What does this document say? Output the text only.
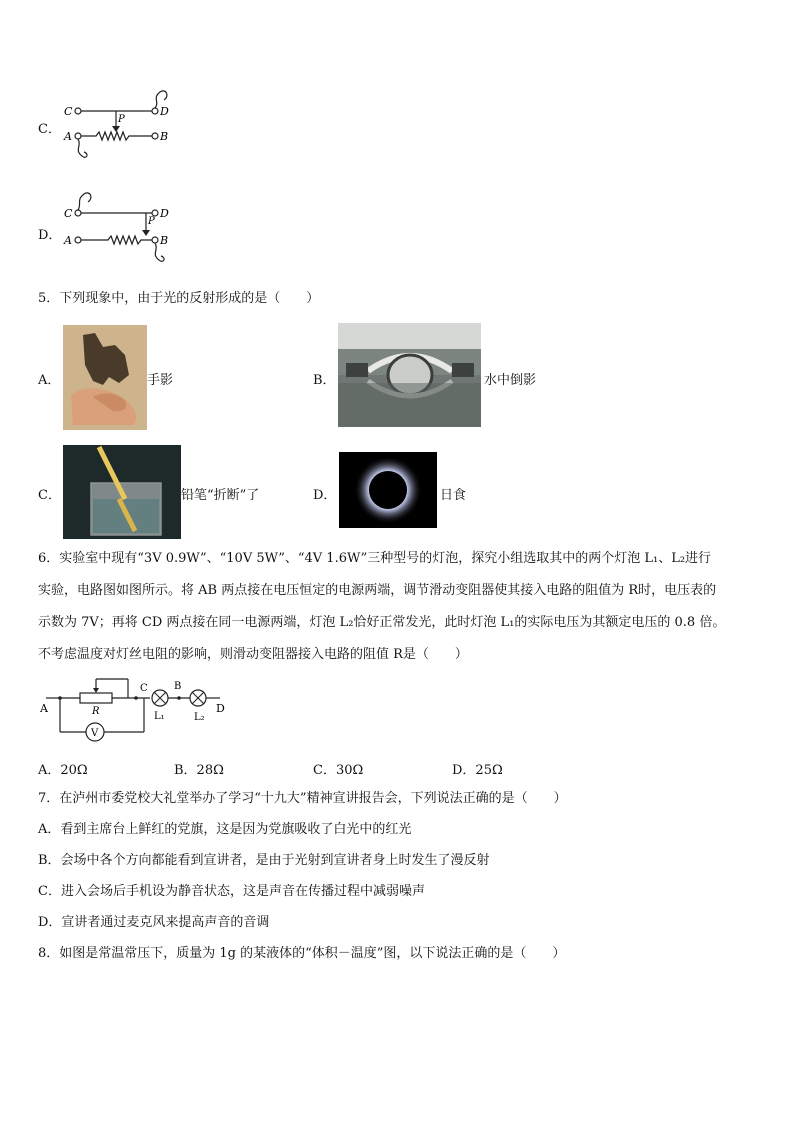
C．
C	D
P
A	B
D．
C	D
P
A	B
5．下列现象中，由于光的反射形成的是（　　）
A．	手影	B．	水中倒影
C．	铅笔“折断”了	D．	日食
6．实验室中现有“3V 0.9W”、“10V 5W”、“4V 1.6W”三种型号的灯泡，探究小组选取其中的两个灯泡 L₁、L₂进行
实验，电路图如图所示。将 AB 两点接在电压恒定的电源两端，调节滑动变阻器使其接入电路的阻值为 R时，电压表的
示数为 7V；再将 CD 两点接在同一电源两端，灯泡 L₂恰好正常发光，此时灯泡 L₁的实际电压为其额定电压的 0.8 倍。
不考虑温度对灯丝电阻的影响，则滑动变阻器接入电路的阻值 R是（　　）
A	R
V
C
L₁
B
L₂
D
A．20Ω	B．28Ω	C．30Ω	D．25Ω
7．在泸州市委党校大礼堂举办了学习“十九大”精神宣讲报告会，下列说法正确的是（　　）
A．看到主席台上鲜红的党旗，这是因为党旗吸收了白光中的红光
B．会场中各个方向都能看到宣讲者，是由于光射到宣讲者身上时发生了漫反射
C．进入会场后手机设为静音状态，这是声音在传播过程中减弱噪声
D．宣讲者通过麦克风来提高声音的音调
8．如图是常温常压下，质量为 1g 的某液体的“体积－温度”图，以下说法正确的是（　　）
